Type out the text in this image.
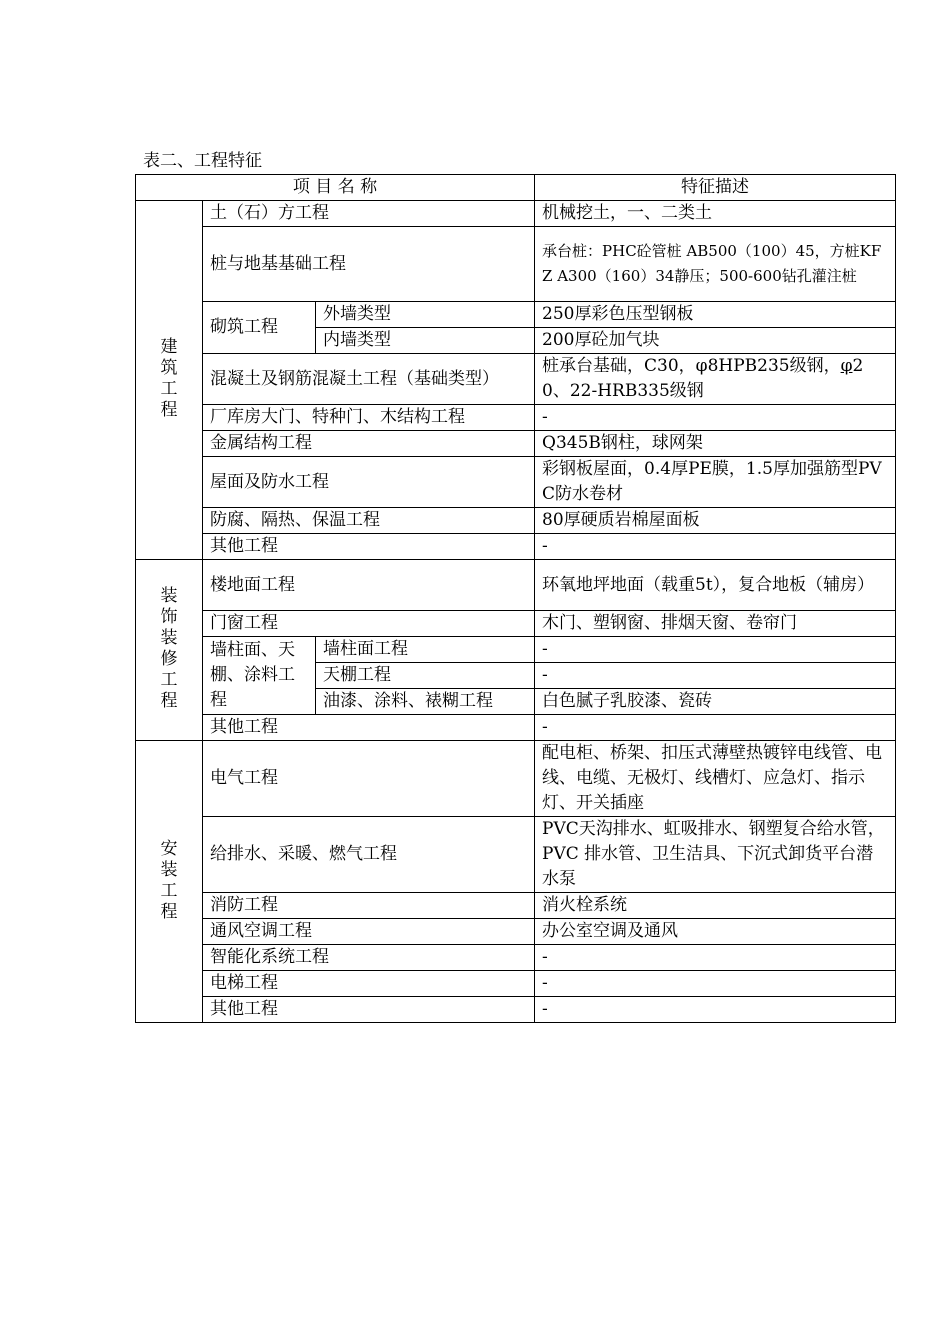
表二、工程特征
项 目 名 称			特征描述
建筑工程	土（石）方工程		机械挖土，一、二类土
	桩与地基基础工程		承台桩：PHC砼管桩 AB500（100）45，方桩KFZ A300（160）34静压；500-600钻孔灌注桩
	砌筑工程	外墙类型	250厚彩色压型钢板
		内墙类型	200厚砼加气块
	混凝土及钢筋混凝土工程（基础类型）		桩承台基础，C30，φ8HPB235级钢，φ20、22-HRB335级钢
	厂库房大门、特种门、木结构工程		-
	金属结构工程		Q345B钢柱，球网架
	屋面及防水工程		彩钢板屋面，0.4厚PE膜，1.5厚加强筋型PVC防水卷材
	防腐、隔热、保温工程		80厚硬质岩棉屋面板
	其他工程		-

装饰装修工程	楼地面工程		环氧地坪地面（载重5t），复合地板（辅房）
	门窗工程		木门、塑钢窗、排烟天窗、卷帘门
	墙柱面、天棚、涂料工程	墙柱面工程	-
		天棚工程	-
		油漆、涂料、裱糊工程	白色腻子乳胶漆、瓷砖
	其他工程		-
安装工程	电气工程		配电柜、桥架、扣压式薄壁热镀锌电线管、电线、电缆、无极灯、线槽灯、应急灯、指示灯、开关插座
	给排水、采暖、燃气工程		PVC天沟排水、虹吸排水、钢塑复合给水管，PVC 排水管、卫生洁具、下沉式卸货平台潜水泵
	消防工程		消火栓系统
	通风空调工程		办公室空调及通风
	智能化系统工程		-
	电梯工程		-
	其他工程		-
